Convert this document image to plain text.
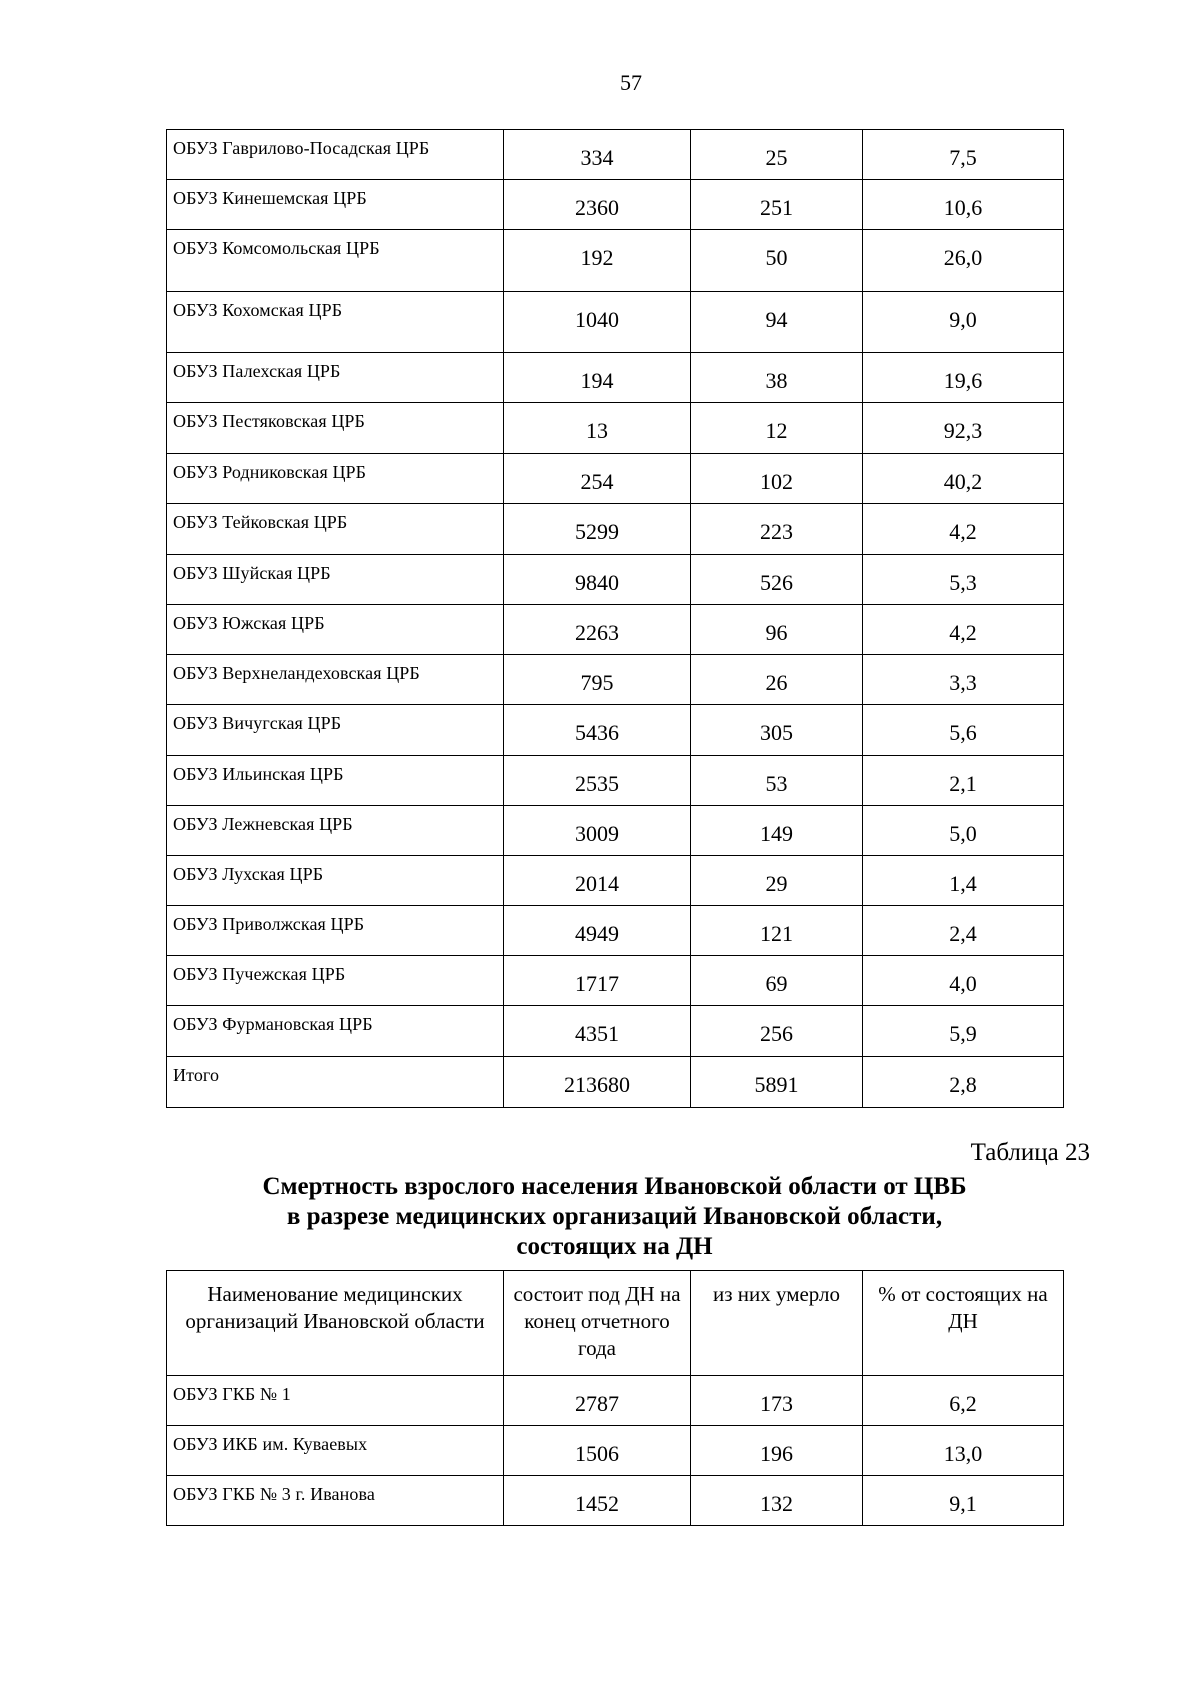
57
ОБУЗ Гаврилово-Посадская ЦРБ	334	25	7,5
ОБУЗ Кинешемская ЦРБ	2360	251	10,6
ОБУЗ Комсомольская ЦРБ	192	50	26,0
ОБУЗ Кохомская ЦРБ	1040	94	9,0
ОБУЗ Палехская ЦРБ	194	38	19,6
ОБУЗ Пестяковская ЦРБ	13	12	92,3
ОБУЗ Родниковская ЦРБ	254	102	40,2
ОБУЗ Тейковская ЦРБ	5299	223	4,2
ОБУЗ Шуйская ЦРБ	9840	526	5,3
ОБУЗ Южская ЦРБ	2263	96	4,2
ОБУЗ Верхнеландеховская ЦРБ	795	26	3,3
ОБУЗ Вичугская ЦРБ	5436	305	5,6
ОБУЗ Ильинская ЦРБ	2535	53	2,1
ОБУЗ Лежневская ЦРБ	3009	149	5,0
ОБУЗ Лухская ЦРБ	2014	29	1,4
ОБУЗ Приволжская ЦРБ	4949	121	2,4
ОБУЗ Пучежская ЦРБ	1717	69	4,0
ОБУЗ Фурмановская ЦРБ	4351	256	5,9
Итого	213680	5891	2,8
Таблица 23
Смертность взрослого населения Ивановской области от ЦВБ
в разрезе медицинских организаций Ивановской области,
состоящих на ДН
Наименование медицинских организаций Ивановской области	состоит под ДН на конец отчетного года	из них умерло	% от состоящих на ДН
ОБУЗ ГКБ № 1	2787	173	6,2
ОБУЗ ИКБ им. Куваевых	1506	196	13,0
ОБУЗ ГКБ № 3 г. Иванова	1452	132	9,1
